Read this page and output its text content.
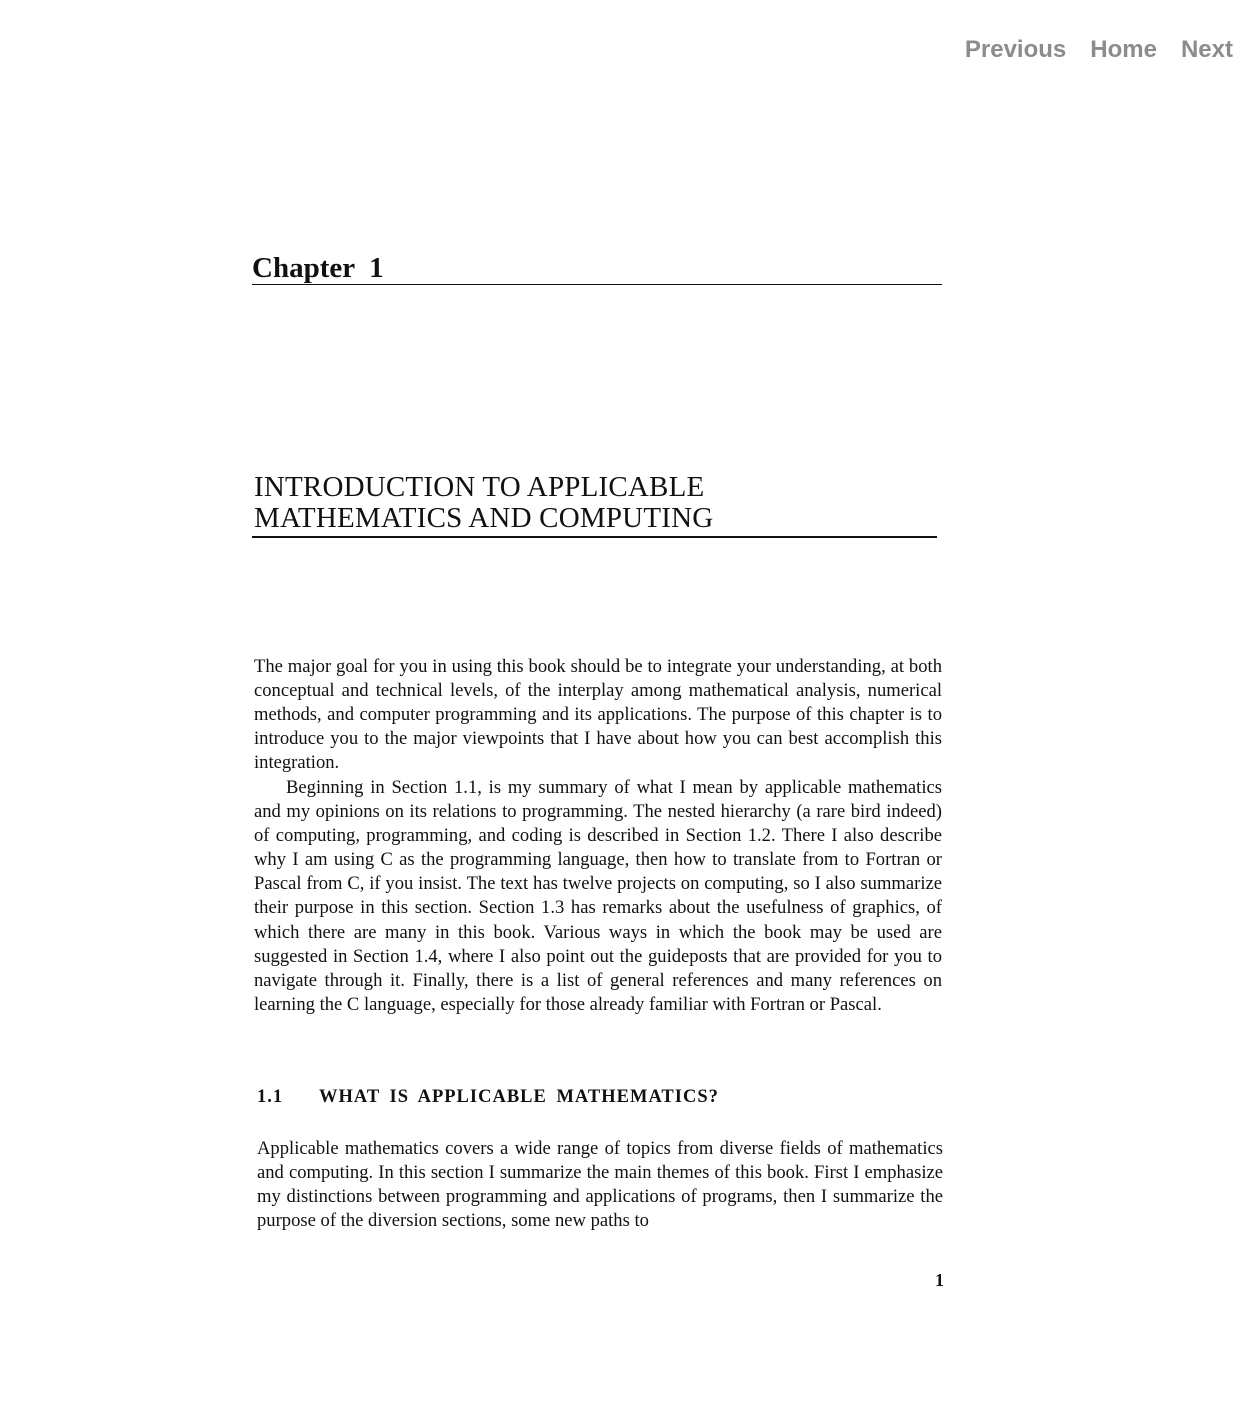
Previous Home Next
Chapter  1
INTRODUCTION TO APPLICABLE
MATHEMATICS AND COMPUTING

The major goal for you in using this book should be to integrate your understanding, at both conceptual and technical levels, of the interplay among mathematical analysis, numerical methods, and computer programming and its applications. The purpose of this chapter is to introduce you to the major viewpoints that I have about how you can best accomplish this integration.

Beginning in Section 1.1, is my summary of what I mean by applicable mathematics and my opinions on its relations to programming. The nested hierarchy (a rare bird indeed) of computing, programming, and coding is described in Section 1.2. There I also describe why I am using C as the programming language, then how to translate from to Fortran or Pascal from C, if you insist. The text has twelve projects on computing, so I also summarize their purpose in this section. Section 1.3 has remarks about the usefulness of graphics, of which there are many in this book. Various ways in which the book may be used are suggested in Section 1.4, where I also point out the guideposts that are provided for you to navigate through it. Finally, there is a list of general references and many references on learning the C language, especially for those already familiar with Fortran or Pascal.

1.1 WHAT IS APPLICABLE MATHEMATICS?

Applicable mathematics covers a wide range of topics from diverse fields of mathematics and computing. In this section I summarize the main themes of this book. First I emphasize my distinctions between programming and applications of programs, then I summarize the purpose of the diversion sections, some new paths to

1
